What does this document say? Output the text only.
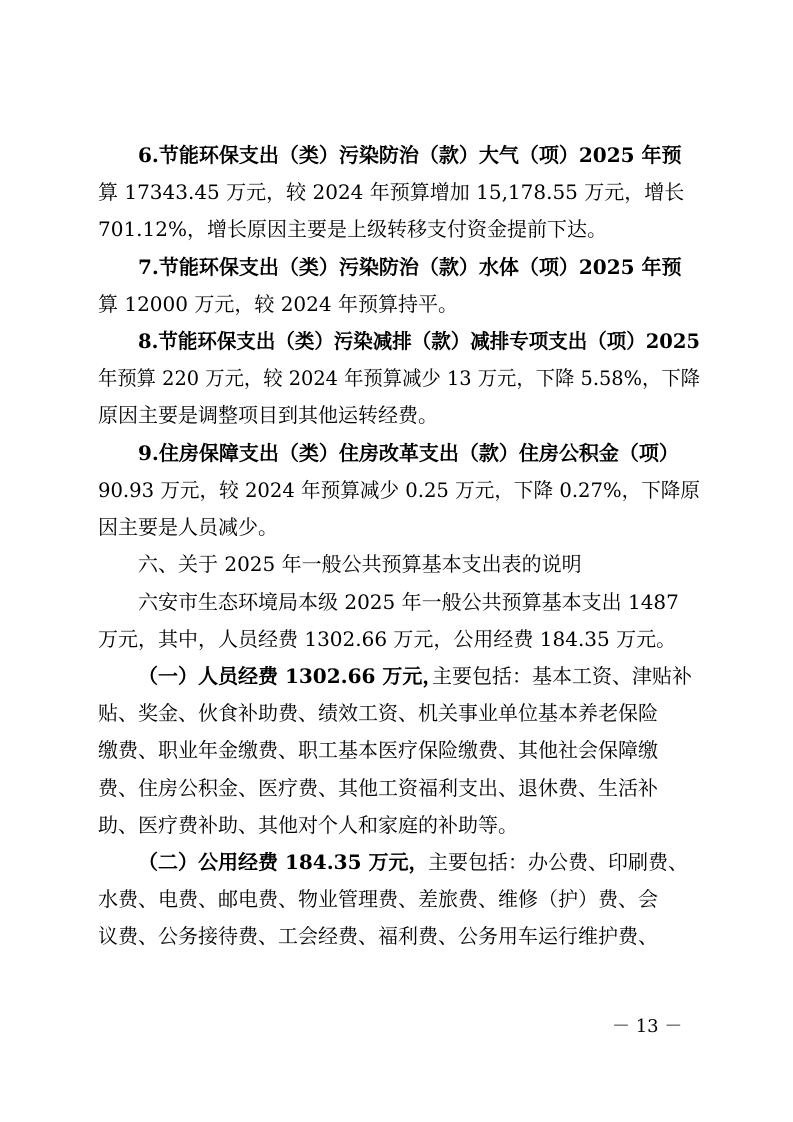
6.节能环保支出（类）污染防治（款）大气（项）2025 年预
算 17343.45 万元，较 2024 年预算增加 15,178.55 万元，增长
701.12%，增长原因主要是上级转移支付资金提前下达。
7.节能环保支出（类）污染防治（款）水体（项）2025 年预
算 12000 万元，较 2024 年预算持平。
8.节能环保支出（类）污染减排（款）减排专项支出（项）2025
年预算 220 万元，较 2024 年预算减少 13 万元，下降 5.58%，下降
原因主要是调整项目到其他运转经费。
9.住房保障支出（类）住房改革支出（款）住房公积金（项）
90.93 万元，较 2024 年预算减少 0.25 万元，下降 0.27%，下降原
因主要是人员减少。
六、关于 2025 年一般公共预算基本支出表的说明
六安市生态环境局本级 2025 年一般公共预算基本支出 1487
万元，其中，人员经费 1302.66 万元，公用经费 184.35 万元。
（一）人员经费 1302.66 万元，
主要包括：基本工资、津贴补
贴、奖金、伙食补助费、绩效工资、机关事业单位基本养老保险
缴费、职业年金缴费、职工基本医疗保险缴费、其他社会保障缴
费、住房公积金、医疗费、其他工资福利支出、退休费、生活补
助、医疗费补助、其他对个人和家庭的补助等。
（二）公用经费 184.35 万元， 主要包括：办公费、印刷费、
水费、电费、邮电费、物业管理费、差旅费、维修（护）费、会
议费、公务接待费、工会经费、福利费、公务用车运行维护费、
－ 13 －
